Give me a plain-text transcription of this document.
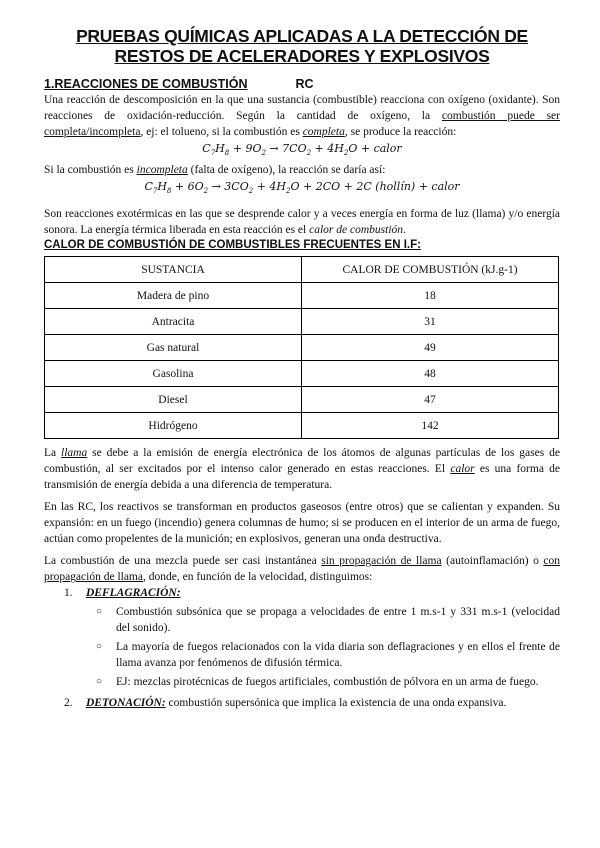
PRUEBAS QUÍMICAS APLICADAS A LA DETECCIÓN DE RESTOS DE ACELERADORES Y EXPLOSIVOS
1.REACCIONES DE COMBUSTIÓN	RC

Una reacción de descomposición en la que una sustancia (combustible) reacciona con oxígeno (oxidante). Son reacciones de oxidación-reducción. Según la cantidad de oxígeno, la combustión puede ser completa/incompleta, ej: el tolueno, si la combustión es completa, se produce la reacción:

$C_7H_8 + 9O_2 \to 7CO_2 + 4H_2O$ + calor

Si la combustión es incompleta (falta de oxígeno), la reacción se daría así:

$C_7H_8 + 6O_2 \to 3CO_2 + 4H_2O + 2CO + 2C$ (hollín) + calor

Son reacciones exotérmicas en las que se desprende calor y a veces energía en forma de luz (llama) y/o energía sonora. La energía térmica liberada en esta reacción es el calor de combustión.

CALOR DE COMBUSTIÓN DE COMBUSTIBLES FRECUENTES EN I.F:
SUSTANCIA	CALOR DE COMBUSTIÓN (kJ.g-1)
Madera de pino	18
Antracita	31
Gas natural	49
Gasolina	48
Diesel	47
Hidrógeno	142

La llama se debe a la emisión de energía electrónica de los átomos de algunas partículas de los gases de combustión, al ser excitados por el intenso calor generado en estas reacciones. El calor es una forma de transmisión de energía debida a una diferencia de temperatura.

En las RC, los reactivos se transforman en productos gaseosos (entre otros) que se calientan y expanden. Su expansión: en un fuego (incendio) genera columnas de humo; si se producen en el interior de un arma de fuego, actúan como propelentes de la munición; en explosivos, generan una onda destructiva.

La combustión de una mezcla puede ser casi instantánea sin propagación de llama (autoinflamación) o con propagación de llama, donde, en función de la velocidad, distinguimos:

1. DEFLAGRACIÓN:
○ Combustión subsónica que se propaga a velocidades de entre 1 m.s-1 y 331 m.s-1 (velocidad del sonido).
○ La mayoría de fuegos relacionados con la vida diaria son deflagraciones y en ellos el frente de llama avanza por fenómenos de difusión térmica.
○ EJ: mezclas pirotécnicas de fuegos artificiales, combustión de pólvora en un arma de fuego.
2. DETONACIÓN: combustión supersónica que implica la existencia de una onda expansiva.
